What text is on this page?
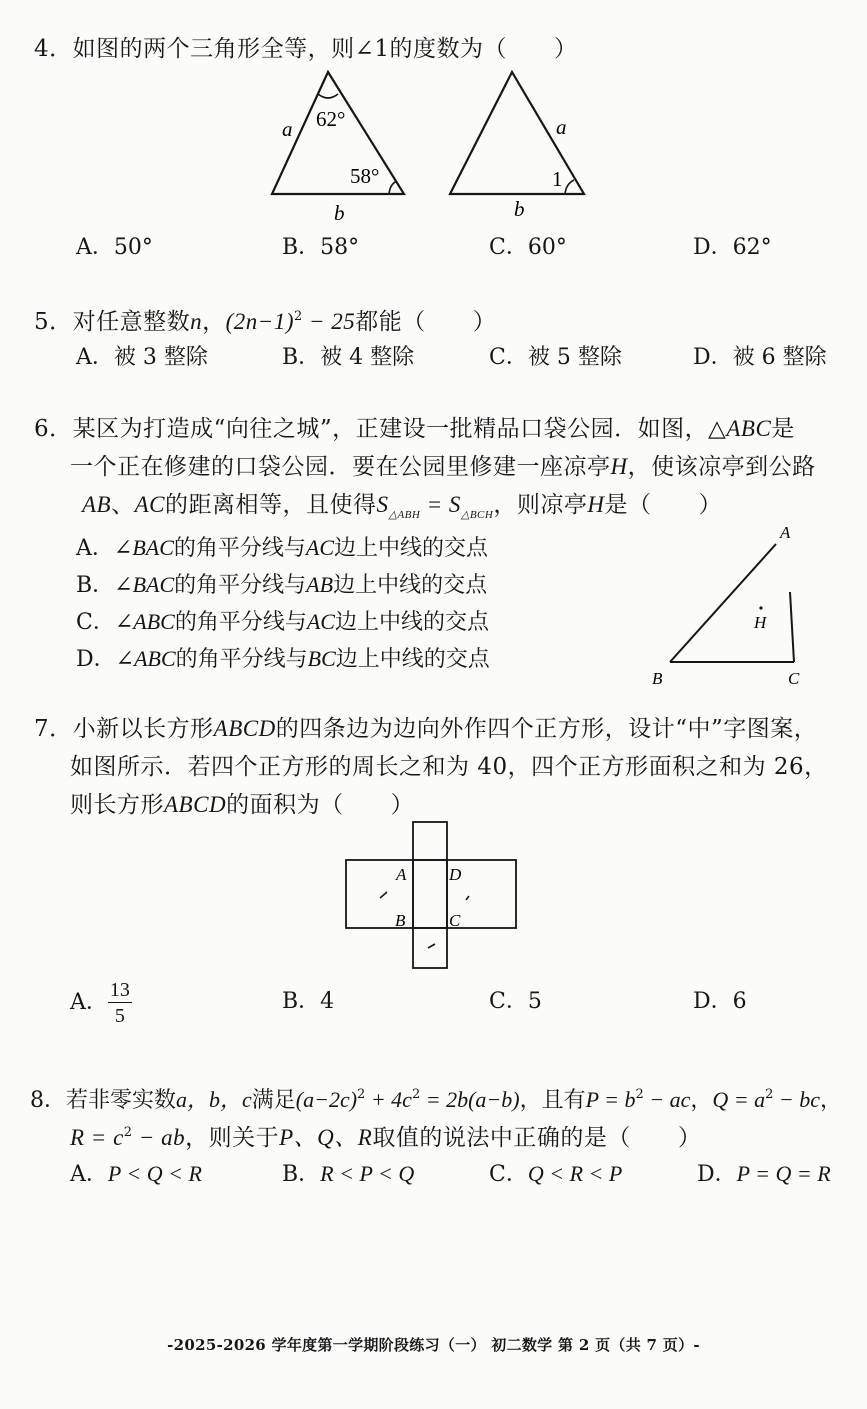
4．如图的两个三角形全等，则∠1的度数为（　　）
a 62°
58°
b
a
1
b
A．50°	B．58°	C．60°	D．62°
5．对任意整数n，$(2n-1)^2 - 25$都能（　　）
A．被 3 整除	B．被 4 整除	C．被 5 整除	D．被 6 整除
6．某区为打造成“向往之城”，正建设一批精品口袋公园．如图，△ABC是
一个正在修建的口袋公园．要在公园里修建一座凉亭H，使该凉亭到公路
AB、AC的距离相等，且使得$S_{\triangle ABH} = S_{\triangle BCH}$，则凉亭H是（　　）
A．∠BAC的角平分线与AC边上中线的交点
B．∠BAC的角平分线与AB边上中线的交点
C．∠ABC的角平分线与AC边上中线的交点
D．∠ABC的角平分线与BC边上中线的交点
A
B	C
H
7．小新以长方形ABCD的四条边为边向外作四个正方形，设计“中”字图案，
如图所示．若四个正方形的周长之和为 40，四个正方形面积之和为 26，
则长方形ABCD的面积为（　　）
A	D
B	C
A． $\frac{13}{5}$	B．4	C．5	D．6
8．若非零实数a，b，c满足$(a-2c)^2 + 4c^2 = 2b(a-b)$，且有$P = b^2$ − ac，$Q = a^2$ − bc，
$R = c^2$ − ab，则关于P、Q、R取值的说法中正确的是（　　）
A．P < Q < R	B．R < P < Q	C．Q < R < P	D．P = Q = R
-2025-2026 学年度第一学期阶段练习（一） 初二数学 第 2 页（共 7 页）-
